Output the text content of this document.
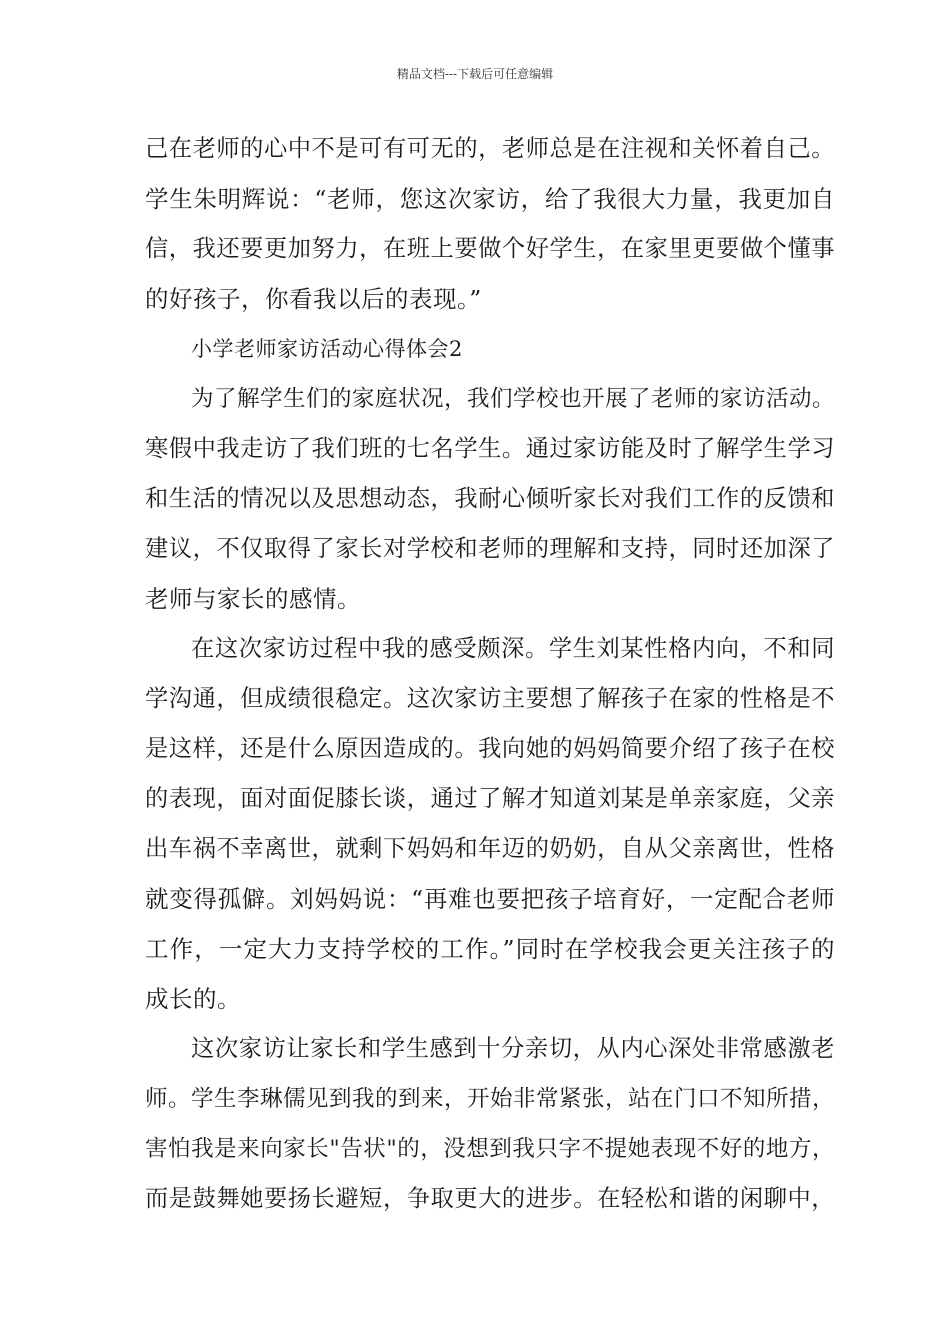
精品文档---下载后可任意编辑
己在老师的心中不是可有可无的，老师总是在注视和关怀着自己。
学生朱明辉说：“老师，您这次家访，给了我很大力量，我更加自
信，我还要更加努力，在班上要做个好学生，在家里更要做个懂事
的好孩子，你看我以后的表现。”
小学老师家访活动心得体会2
为了解学生们的家庭状况，我们学校也开展了老师的家访活动。
寒假中我走访了我们班的七名学生。通过家访能及时了解学生学习
和生活的情况以及思想动态，我耐心倾听家长对我们工作的反馈和
建议，不仅取得了家长对学校和老师的理解和支持，同时还加深了
老师与家长的感情。
在这次家访过程中我的感受颇深。学生刘某性格内向，不和同
学沟通，但成绩很稳定。这次家访主要想了解孩子在家的性格是不
是这样，还是什么原因造成的。我向她的妈妈简要介绍了孩子在校
的表现，面对面促膝长谈，通过了解才知道刘某是单亲家庭，父亲
出车祸不幸离世，就剩下妈妈和年迈的奶奶，自从父亲离世，性格
就变得孤僻。刘妈妈说：“再难也要把孩子培育好，一定配合老师
工作，一定大力支持学校的工作。”同时在学校我会更关注孩子的
成长的。
这次家访让家长和学生感到十分亲切，从内心深处非常感激老
师。学生李琳儒见到我的到来，开始非常紧张，站在门口不知所措，
害怕我是来向家长"告状"的，没想到我只字不提她表现不好的地方，
而是鼓舞她要扬长避短，争取更大的进步。在轻松和谐的闲聊中，
